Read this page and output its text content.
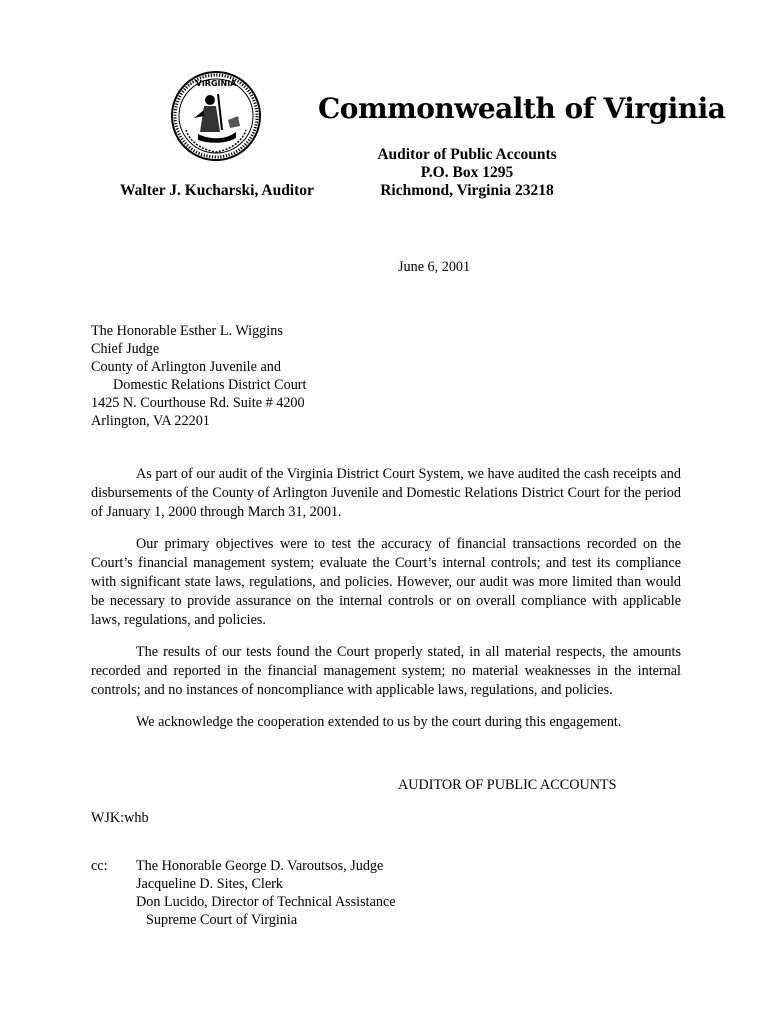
VIRGINIA
Commonwealth of Virginia
Auditor of Public Accounts
P.O. Box 1295
Richmond, Virginia 23218
Walter J. Kucharski, Auditor
June 6, 2001
The Honorable Esther L. Wiggins
Chief Judge
County of Arlington Juvenile and
Domestic Relations District Court
1425 N. Courthouse Rd. Suite # 4200
Arlington, VA 22201

As part of our audit of the Virginia District Court System, we have audited the cash receipts and disbursements of the County of Arlington Juvenile and Domestic Relations District Court for the period of January 1, 2000 through March 31, 2001.

Our primary objectives were to test the accuracy of financial transactions recorded on the Court’s financial management system; evaluate the Court’s internal controls; and test its compliance with significant state laws, regulations, and policies. However, our audit was more limited than would be necessary to provide assurance on the internal controls or on overall compliance with applicable laws, regulations, and policies.

The results of our tests found the Court properly stated, in all material respects, the amounts recorded and reported in the financial management system; no material weaknesses in the internal controls; and no instances of noncompliance with applicable laws, regulations, and policies.

We acknowledge the cooperation extended to us by the court during this engagement.

AUDITOR OF PUBLIC ACCOUNTS
WJK:whb
cc: The Honorable George D. Varoutsos, Judge
Jacqueline D. Sites, Clerk
Don Lucido, Director of Technical Assistance
Supreme Court of Virginia
